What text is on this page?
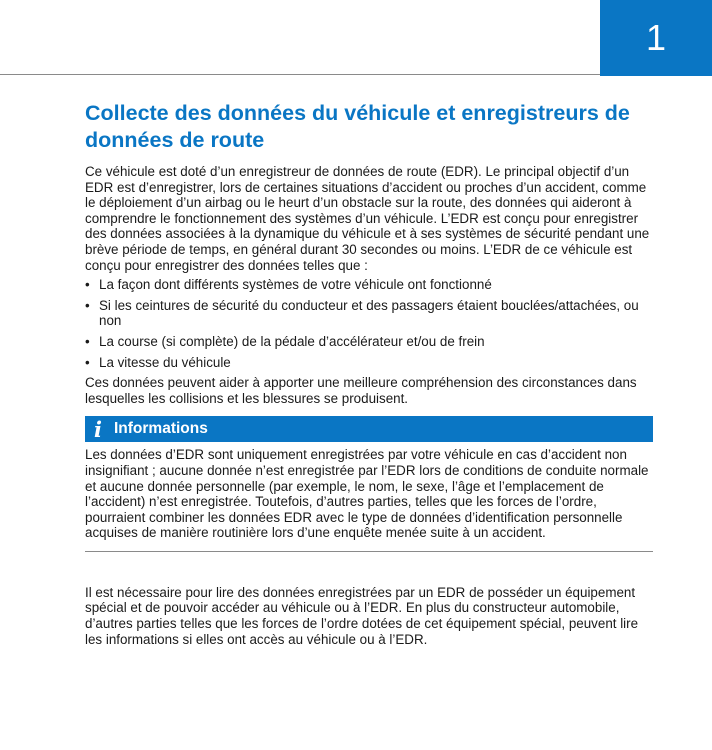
1
Collecte des données du véhicule et enregistreurs de données de route

Ce véhicule est doté d’un enregistreur de données de route (EDR). Le principal objectif d’un EDR est d’enregistrer, lors de certaines situations d’accident ou proches d’un accident, comme le déploiement d’un airbag ou le heurt d’un obstacle sur la route, des données qui aideront à comprendre le fonctionnement des systèmes d’un véhicule. L’EDR est conçu pour enregistrer des données associées à la dynamique du véhicule et à ses systèmes de sécurité pendant une brève période de temps, en général durant 30 secondes ou moins. L’EDR de ce véhicule est conçu pour enregistrer des données telles que :

• La façon dont différents systèmes de votre véhicule ont fonctionné
• Si les ceintures de sécurité du conducteur et des passagers étaient bouclées/attachées, ou non
• La course (si complète) de la pédale d’accélérateur et/ou de frein
• La vitesse du véhicule

Ces données peuvent aider à apporter une meilleure compréhension des circonstances dans lesquelles les collisions et les blessures se produisent.

i Informations

Les données d’EDR sont uniquement enregistrées par votre véhicule en cas d’accident non insignifiant ; aucune donnée n’est enregistrée par l’EDR lors de conditions de conduite normale et aucune donnée personnelle (par exemple, le nom, le sexe, l’âge et l’emplacement de l’accident) n’est enregistrée. Toutefois, d’autres parties, telles que les forces de l’ordre, pourraient combiner les données EDR avec le type de données d’identification personnelle acquises de manière routinière lors d’une enquête menée suite à un accident.

Il est nécessaire pour lire des données enregistrées par un EDR de posséder un équipement spécial et de pouvoir accéder au véhicule ou à l’EDR. En plus du constructeur automobile, d’autres parties telles que les forces de l’ordre dotées de cet équipement spécial, peuvent lire les informations si elles ont accès au véhicule ou à l’EDR.
